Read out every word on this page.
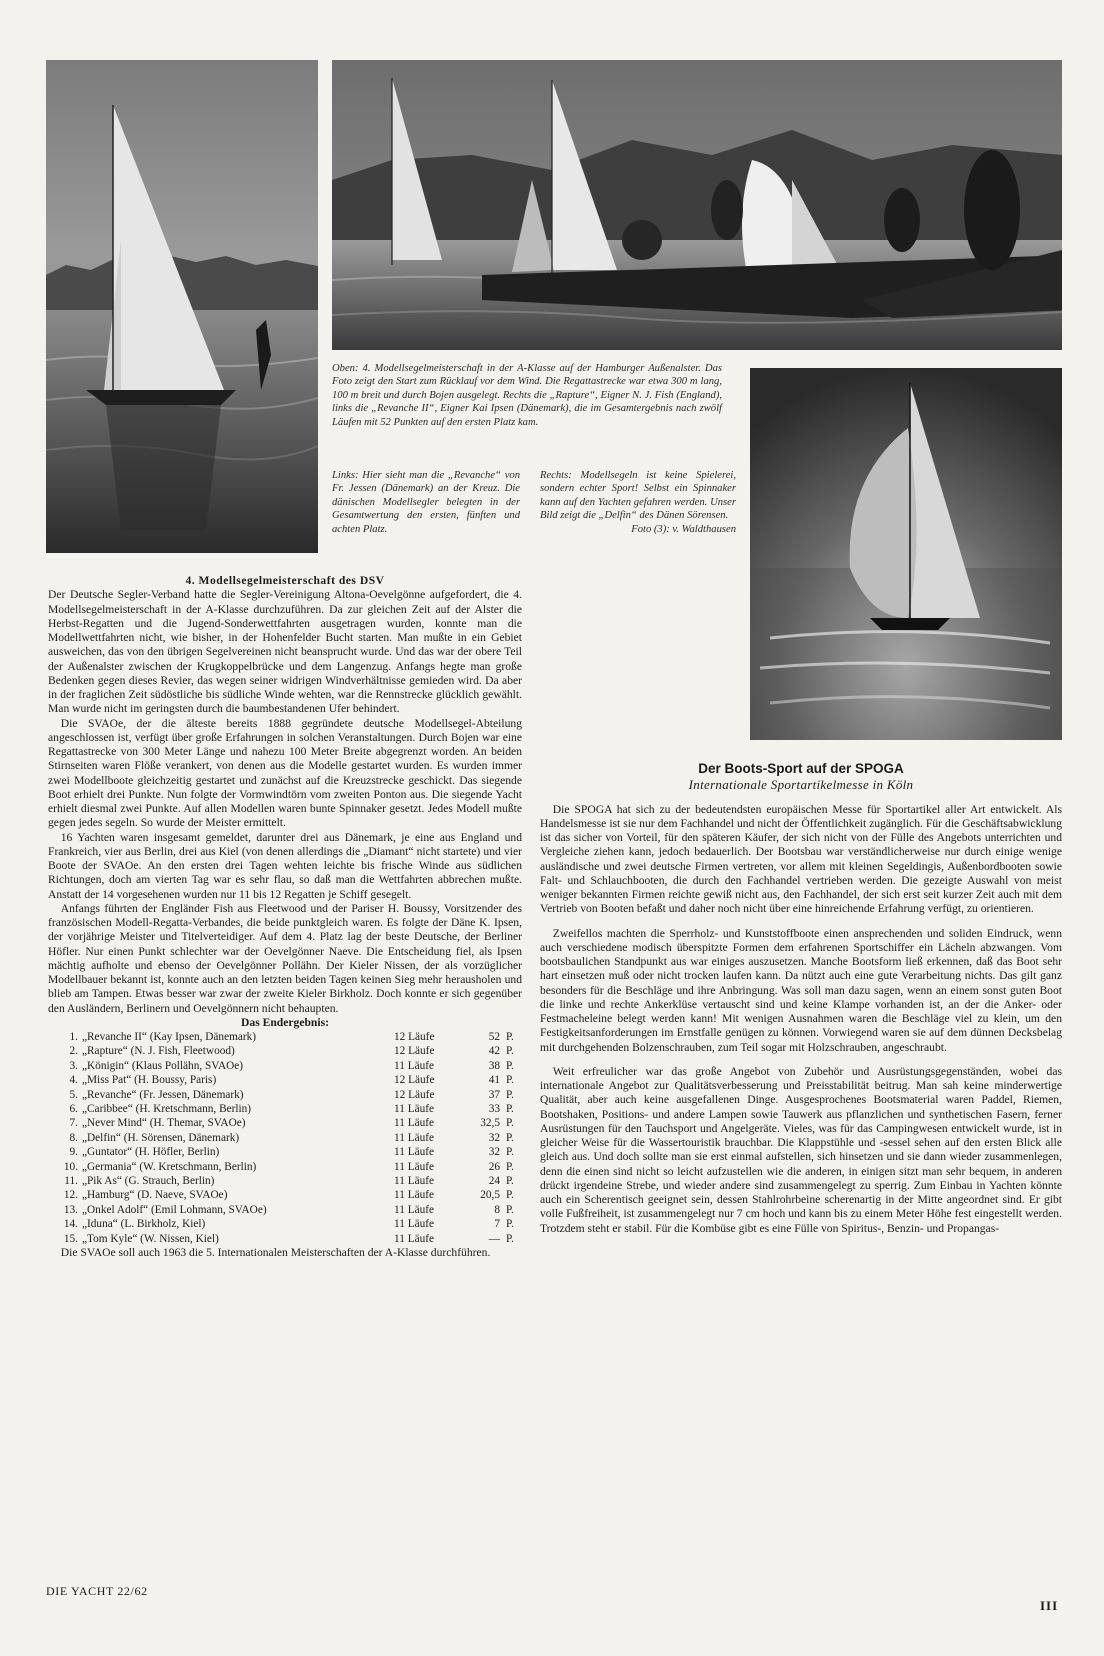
Oben: 4. Modellsegelmeisterschaft in der A-Klasse auf der Hamburger Außenalster. Das Foto zeigt den Start zum Rücklauf vor dem Wind. Die Regattastrecke war etwa 300 m lang, 100 m breit und durch Bojen ausgelegt. Rechts die „Rapture“, Eigner N. J. Fish (England), links die „Revanche II“, Eigner Kai Ipsen (Dänemark), die im Gesamtergebnis nach zwölf Läufen mit 52 Punkten auf den ersten Platz kam.

Links: Hier sieht man die „Revanche“ von Fr. Jessen (Dänemark) an der Kreuz. Die dänischen Modellsegler belegten in der Gesamtwertung den ersten, fünften und achten Platz.

Rechts: Modellsegeln ist keine Spielerei, sondern echter Sport! Selbst ein Spinnaker kann auf den Yachten gefahren werden. Unser Bild zeigt die „Delfin“ des Dänen Sörensen.

Foto (3): v. Waldthausen

4. Modellsegelmeisterschaft des DSV

Der Deutsche Segler-Verband hatte die Segler-Vereinigung Altona-Oevelgönne aufgefordert, die 4. Modellsegelmeisterschaft in der A-Klasse durchzuführen. Da zur gleichen Zeit auf der Alster die Herbst-Regatten und die Jugend-Sonderwettfahrten ausgetragen wurden, konnte man die Modellwettfahrten nicht, wie bisher, in der Hohenfelder Bucht starten. Man mußte in ein Gebiet ausweichen, das von den übrigen Segelvereinen nicht beansprucht wurde. Und das war der obere Teil der Außenalster zwischen der Krugkoppelbrücke und dem Langenzug. Anfangs hegte man große Bedenken gegen dieses Revier, das wegen seiner widrigen Windverhältnisse gemieden wird. Da aber in der fraglichen Zeit südöstliche bis südliche Winde wehten, war die Rennstrecke glücklich gewählt. Man wurde nicht im geringsten durch die baumbestandenen Ufer behindert.

Die SVAOe, der die älteste bereits 1888 gegründete deutsche Modellsegel-Abteilung angeschlossen ist, verfügt über große Erfahrungen in solchen Veranstaltungen. Durch Bojen war eine Regattastrecke von 300 Meter Länge und nahezu 100 Meter Breite abgegrenzt worden. An beiden Stirnseiten waren Flöße verankert, von denen aus die Modelle gestartet wurden. Es wurden immer zwei Modellboote gleichzeitig gestartet und zunächst auf die Kreuzstrecke geschickt. Das siegende Boot erhielt drei Punkte. Nun folgte der Vormwindtörn vom zweiten Ponton aus. Die siegende Yacht erhielt diesmal zwei Punkte. Auf allen Modellen waren bunte Spinnaker gesetzt. Jedes Modell mußte gegen jedes segeln. So wurde der Meister ermittelt.

16 Yachten waren insgesamt gemeldet, darunter drei aus Dänemark, je eine aus England und Frankreich, vier aus Berlin, drei aus Kiel (von denen allerdings die „Diamant“ nicht startete) und vier Boote der SVAOe. An den ersten drei Tagen wehten leichte bis frische Winde aus südlichen Richtungen, doch am vierten Tag war es sehr flau, so daß man die Wettfahrten abbrechen mußte. Anstatt der 14 vorgesehenen wurden nur 11 bis 12 Regatten je Schiff gesegelt.

Anfangs führten der Engländer Fish aus Fleetwood und der Pariser H. Boussy, Vorsitzender des französischen Modell-Regatta-Verbandes, die beide punktgleich waren. Es folgte der Däne K. Ipsen, der vorjährige Meister und Titelverteidiger. Auf dem 4. Platz lag der beste Deutsche, der Berliner Höfler. Nur einen Punkt schlechter war der Oevelgönner Naeve. Die Entscheidung fiel, als Ipsen mächtig aufholte und ebenso der Oevelgönner Pollähn. Der Kieler Nissen, der als vorzüglicher Modellbauer bekannt ist, konnte auch an den letzten beiden Tagen keinen Sieg mehr herausholen und blieb am Tampen. Etwas besser war zwar der zweite Kieler Birkholz. Doch konnte er sich gegenüber den Ausländern, Berlinern und Oevelgönnern nicht behaupten.

Das Endergebnis:
1.	„Revanche II“ (Kay Ipsen, Dänemark)	12 Läufe	52	P.
2.	„Rapture“ (N. J. Fish, Fleetwood)	12 Läufe	42	P.
3.	„Königin“ (Klaus Pollähn, SVAOe)	11 Läufe	38	P.
4.	„Miss Pat“ (H. Boussy, Paris)	12 Läufe	41	P.
5.	„Revanche“ (Fr. Jessen, Dänemark)	12 Läufe	37	P.
6.	„Caribbee“ (H. Kretschmann, Berlin)	11 Läufe	33	P.
7.	„Never Mind“ (H. Themar, SVAOe)	11 Läufe	32,5	P.
8.	„Delfin“ (H. Sörensen, Dänemark)	11 Läufe	32	P.
9.	„Guntator“ (H. Höfler, Berlin)	11 Läufe	32	P.
10.	„Germania“ (W. Kretschmann, Berlin)	11 Läufe	26	P.
11.	„Pik As“ (G. Strauch, Berlin)	11 Läufe	24	P.
12.	„Hamburg“ (D. Naeve, SVAOe)	11 Läufe	20,5	P.
13.	„Onkel Adolf“ (Emil Lohmann, SVAOe)	11 Läufe	8	P.
14.	„Iduna“ (L. Birkholz, Kiel)	11 Läufe	7	P.
15.	„Tom Kyle“ (W. Nissen, Kiel)	11 Läufe	—	P.

Die SVAOe soll auch 1963 die 5. Internationalen Meisterschaften der A-Klasse durchführen.

Der Boots-Sport auf der SPOGA
Internationale Sportartikelmesse in Köln

Die SPOGA hat sich zu der bedeutendsten europäischen Messe für Sportartikel aller Art entwickelt. Als Handelsmesse ist sie nur dem Fachhandel und nicht der Öffentlichkeit zugänglich. Für die Geschäftsabwicklung ist das sicher von Vorteil, für den späteren Käufer, der sich nicht von der Fülle des Angebots unterrichten und Vergleiche ziehen kann, jedoch bedauerlich. Der Bootsbau war verständlicherweise nur durch einige wenige ausländische und zwei deutsche Firmen vertreten, vor allem mit kleinen Segeldingis, Außenbordbooten sowie Falt- und Schlauchbooten, die durch den Fachhandel vertrieben werden. Die gezeigte Auswahl von meist weniger bekannten Firmen reichte gewiß nicht aus, den Fachhandel, der sich erst seit kurzer Zeit auch mit dem Vertrieb von Booten befaßt und daher noch nicht über eine hinreichende Erfahrung verfügt, zu orientieren.

Zweifellos machten die Sperrholz- und Kunststoffboote einen ansprechenden und soliden Eindruck, wenn auch verschiedene modisch überspitzte Formen dem erfahrenen Sportschiffer ein Lächeln abzwangen. Vom bootsbaulichen Standpunkt aus war einiges auszusetzen. Manche Bootsform ließ erkennen, daß das Boot sehr hart einsetzen muß oder nicht trocken laufen kann. Da nützt auch eine gute Verarbeitung nichts. Das gilt ganz besonders für die Beschläge und ihre Anbringung. Was soll man dazu sagen, wenn an einem sonst guten Boot die linke und rechte Ankerklüse vertauscht sind und keine Klampe vorhanden ist, an der die Anker- oder Festmacheleine belegt werden kann! Mit wenigen Ausnahmen waren die Beschläge viel zu klein, um den Festigkeitsanforderungen im Ernstfalle genügen zu können. Vorwiegend waren sie auf dem dünnen Decksbelag mit durchgehenden Bolzenschrauben, zum Teil sogar mit Holzschrauben, angeschraubt.

Weit erfreulicher war das große Angebot von Zubehör und Ausrüstungsgegenständen, wobei das internationale Angebot zur Qualitätsverbesserung und Preisstabilität beitrug. Man sah keine minderwertige Qualität, aber auch keine ausgefallenen Dinge. Ausgesprochenes Bootsmaterial waren Paddel, Riemen, Bootshaken, Positions- und andere Lampen sowie Tauwerk aus pflanzlichen und synthetischen Fasern, ferner Ausrüstungen für den Tauchsport und Angelgeräte. Vieles, was für das Campingwesen entwickelt wurde, ist in gleicher Weise für die Wassertouristik brauchbar. Die Klappstühle und -sessel sehen auf den ersten Blick alle gleich aus. Und doch sollte man sie erst einmal aufstellen, sich hinsetzen und sie dann wieder zusammenlegen, denn die einen sind nicht so leicht aufzustellen wie die anderen, in einigen sitzt man sehr bequem, in anderen drückt irgendeine Strebe, und wieder andere sind zusammengelegt zu sperrig. Zum Einbau in Yachten könnte auch ein Scherentisch geeignet sein, dessen Stahlrohrbeine scherenartig in der Mitte angeordnet sind. Er gibt volle Fußfreiheit, ist zusammengelegt nur 7 cm hoch und kann bis zu einem Meter Höhe fest eingestellt werden. Trotzdem steht er stabil. Für die Kombüse gibt es eine Fülle von Spiritus-, Benzin- und Propangas-

DIE YACHT 22/62
III
